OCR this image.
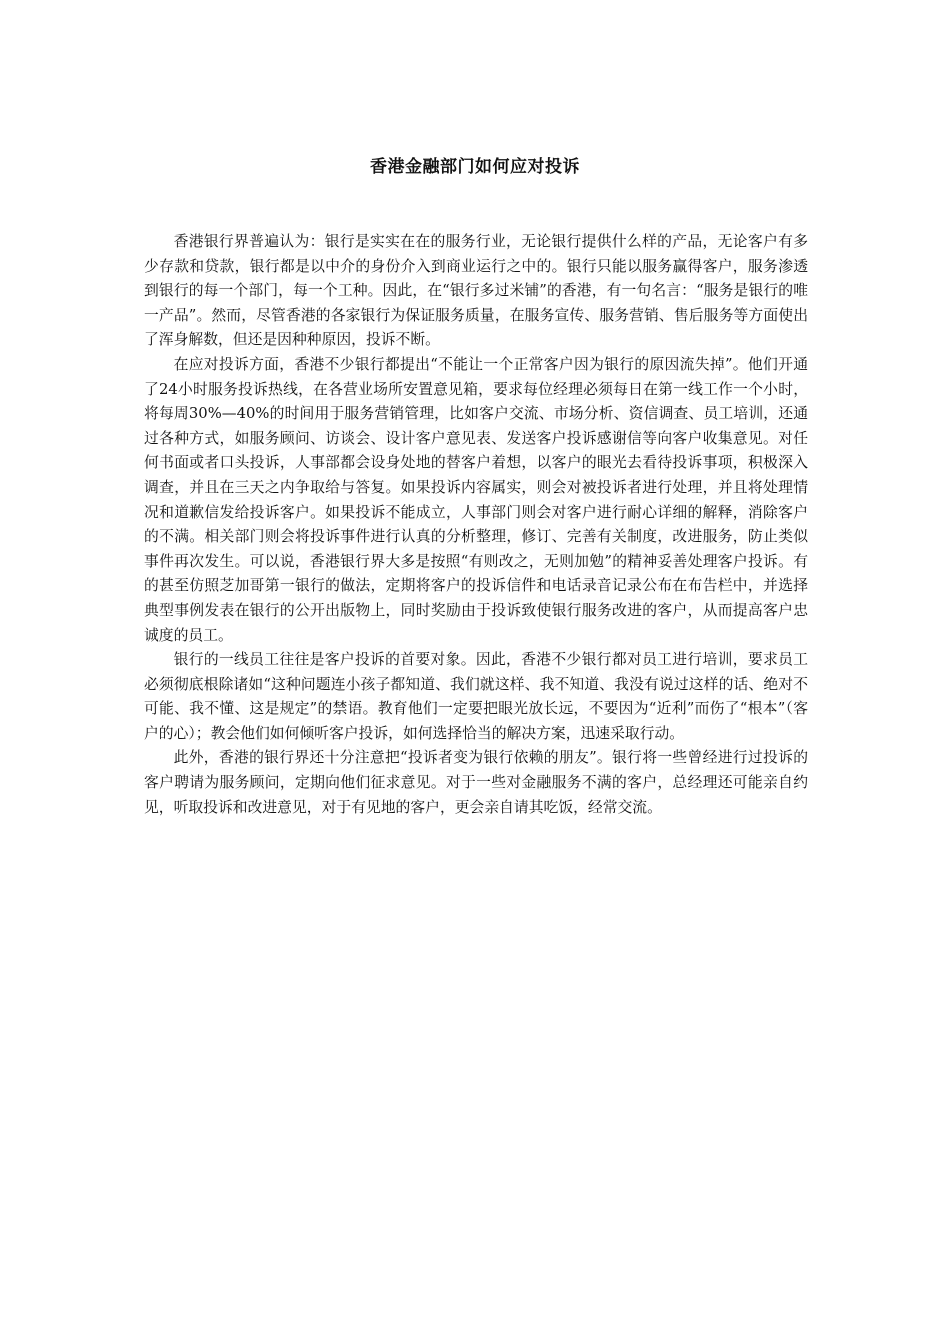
香港金融部门如何应对投诉

香港银行界普遍认为：银行是实实在在的服务行业，无论银行提供什么样的产品，无论客户有多少存款和贷款，银行都是以中介的身份介入到商业运行之中的。银行只能以服务赢得客户，服务渗透到银行的每一个部门，每一个工种。因此，在“银行多过米铺”的香港，有一句名言：“服务是银行的唯一产品”。然而，尽管香港的各家银行为保证服务质量，在服务宣传、服务营销、售后服务等方面使出了浑身解数，但还是因种种原因，投诉不断。

在应对投诉方面，香港不少银行都提出“不能让一个正常客户因为银行的原因流失掉”。他们开通了24小时服务投诉热线，在各营业场所安置意见箱，要求每位经理必须每日在第一线工作一个小时，将每周30%—40%的时间用于服务营销管理，比如客户交流、市场分析、资信调查、员工培训，还通过各种方式，如服务顾问、访谈会、设计客户意见表、发送客户投诉感谢信等向客户收集意见。对任何书面或者口头投诉，人事部都会设身处地的替客户着想，以客户的眼光去看待投诉事项，积极深入调查，并且在三天之内争取给与答复。如果投诉内容属实，则会对被投诉者进行处理，并且将处理情况和道歉信发给投诉客户。如果投诉不能成立，人事部门则会对客户进行耐心详细的解释，消除客户的不满。相关部门则会将投诉事件进行认真的分析整理，修订、完善有关制度，改进服务，防止类似事件再次发生。可以说，香港银行界大多是按照“有则改之，无则加勉”的精神妥善处理客户投诉。有的甚至仿照芝加哥第一银行的做法，定期将客户的投诉信件和电话录音记录公布在布告栏中，并选择典型事例发表在银行的公开出版物上，同时奖励由于投诉致使银行服务改进的客户，从而提高客户忠诚度的员工。

银行的一线员工往往是客户投诉的首要对象。因此，香港不少银行都对员工进行培训，要求员工必须彻底根除诸如“这种问题连小孩子都知道、我们就这样、我不知道、我没有说过这样的话、绝对不可能、我不懂、这是规定”的禁语。教育他们一定要把眼光放长远，不要因为“近利”而伤了“根本”（客户的心）；教会他们如何倾听客户投诉，如何选择恰当的解决方案，迅速采取行动。

此外，香港的银行界还十分注意把“投诉者变为银行依赖的朋友”。银行将一些曾经进行过投诉的客户聘请为服务顾问，定期向他们征求意见。对于一些对金融服务不满的客户，总经理还可能亲自约见，听取投诉和改进意见，对于有见地的客户，更会亲自请其吃饭，经常交流。
